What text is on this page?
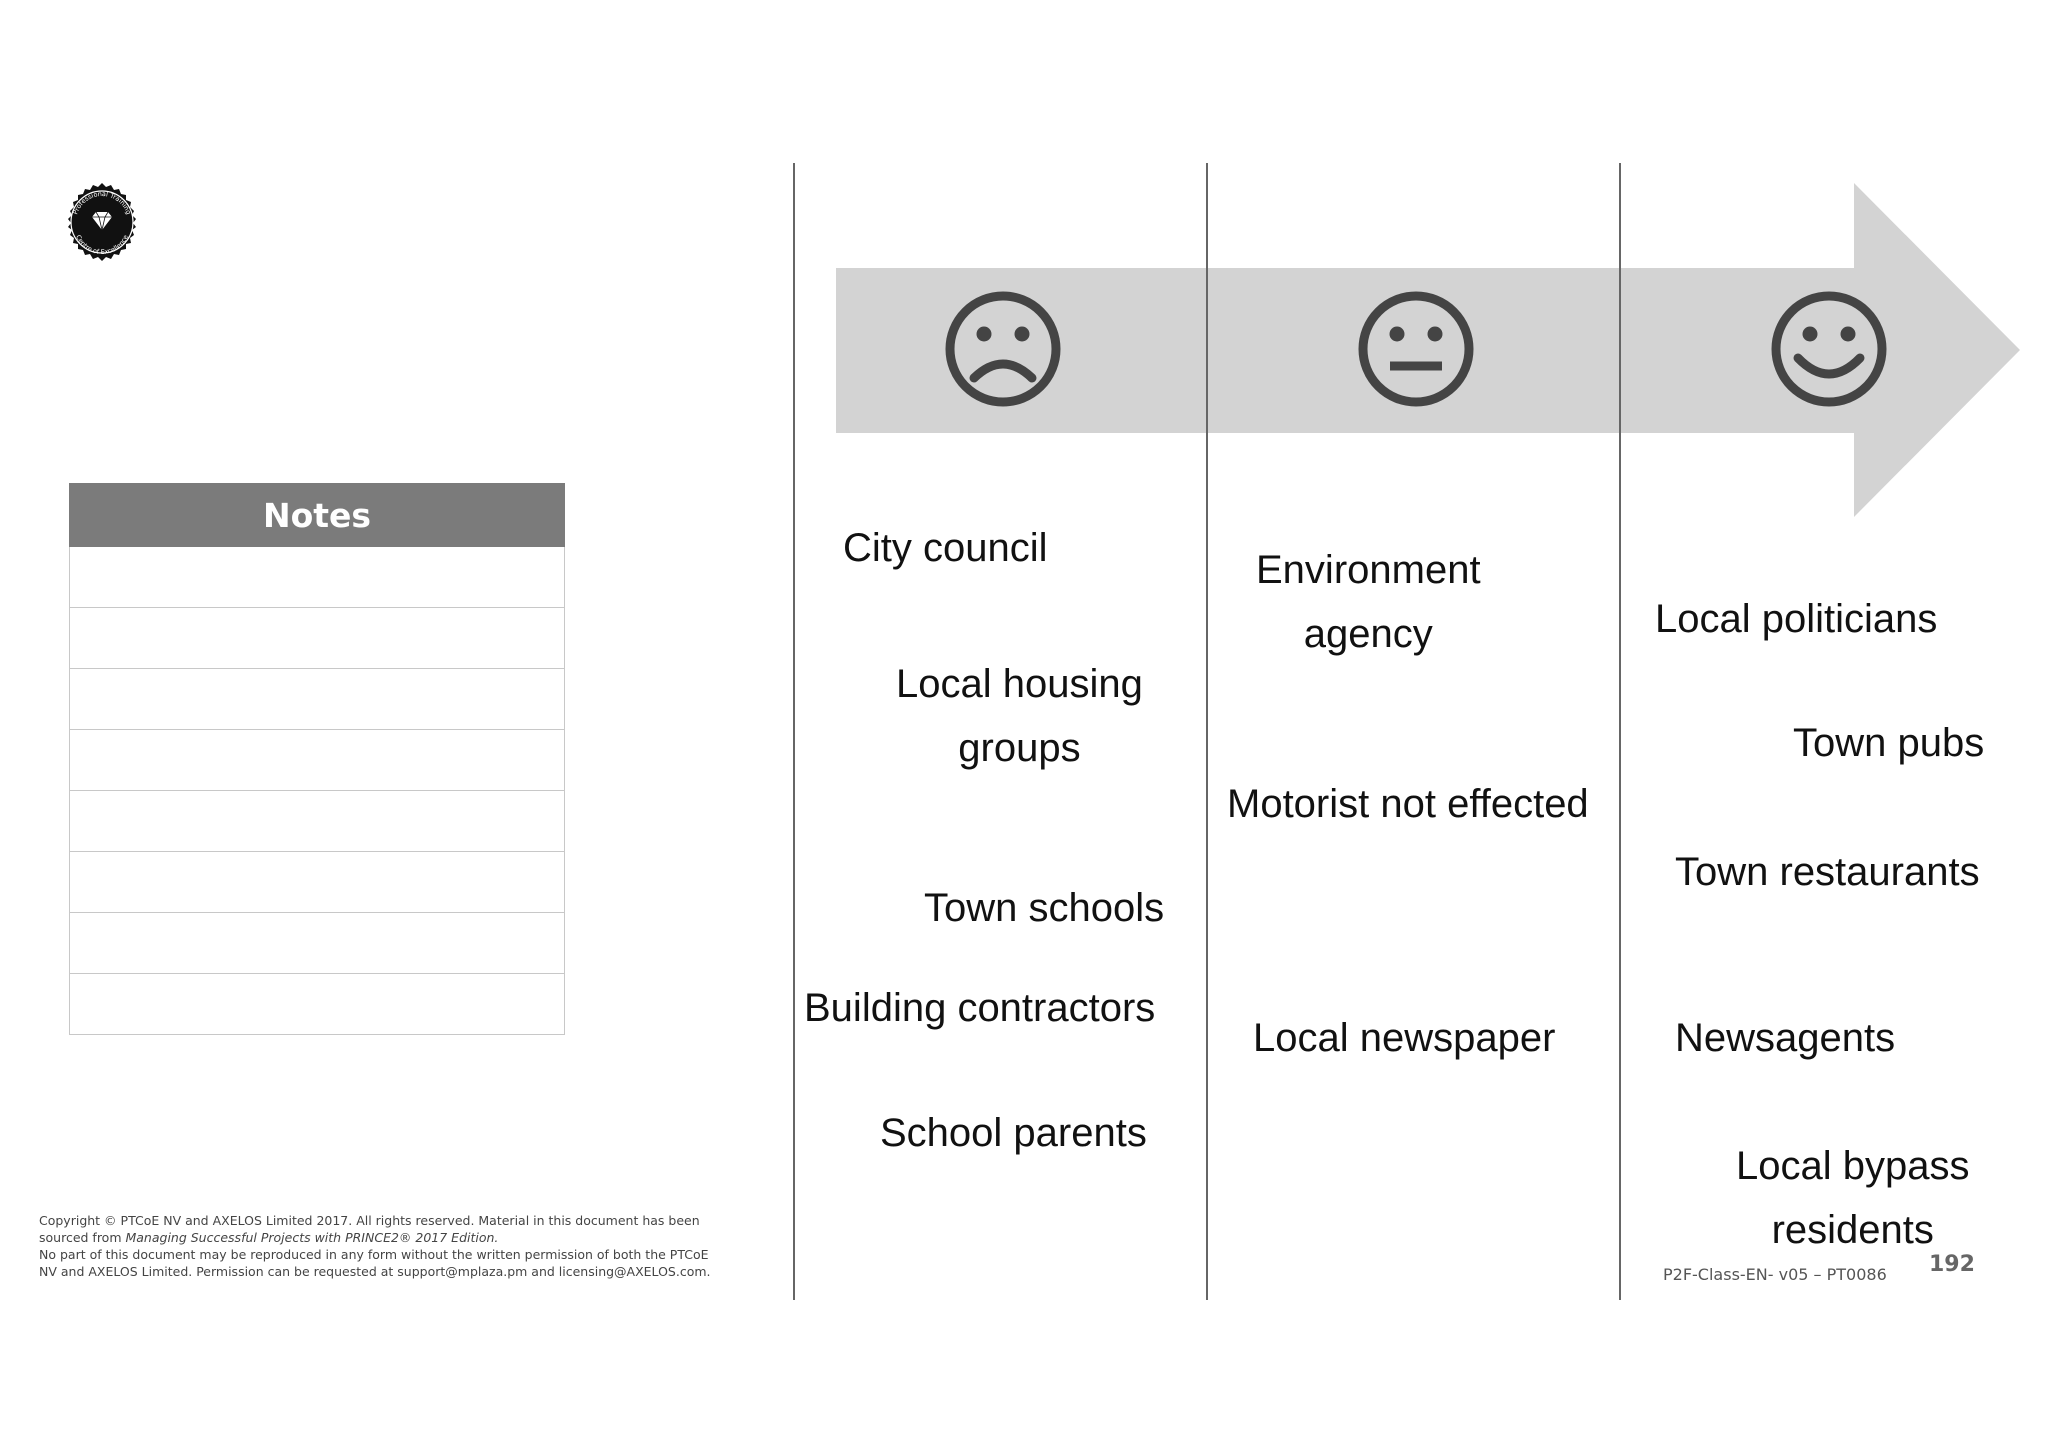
Professional Training
Centre of Excellence
Notes
City council
Local housing
groups
Town schools
Building contractors
School parents
Environment
agency
Motorist not effected
Local newspaper
Local politicians
Town pubs
Town restaurants
Newsagents
Local bypass
residents
Copyright © PTCoE NV and AXELOS Limited 2017. All rights reserved. Material in this document has been
sourced from Managing Successful Projects with PRINCE2® 2017 Edition.
No part of this document may be reproduced in any form without the written permission of both the PTCoE
NV and AXELOS Limited. Permission can be requested at support@mplaza.pm and licensing@AXELOS.com.	P2F-Class-EN- v05 – PT0086 192
